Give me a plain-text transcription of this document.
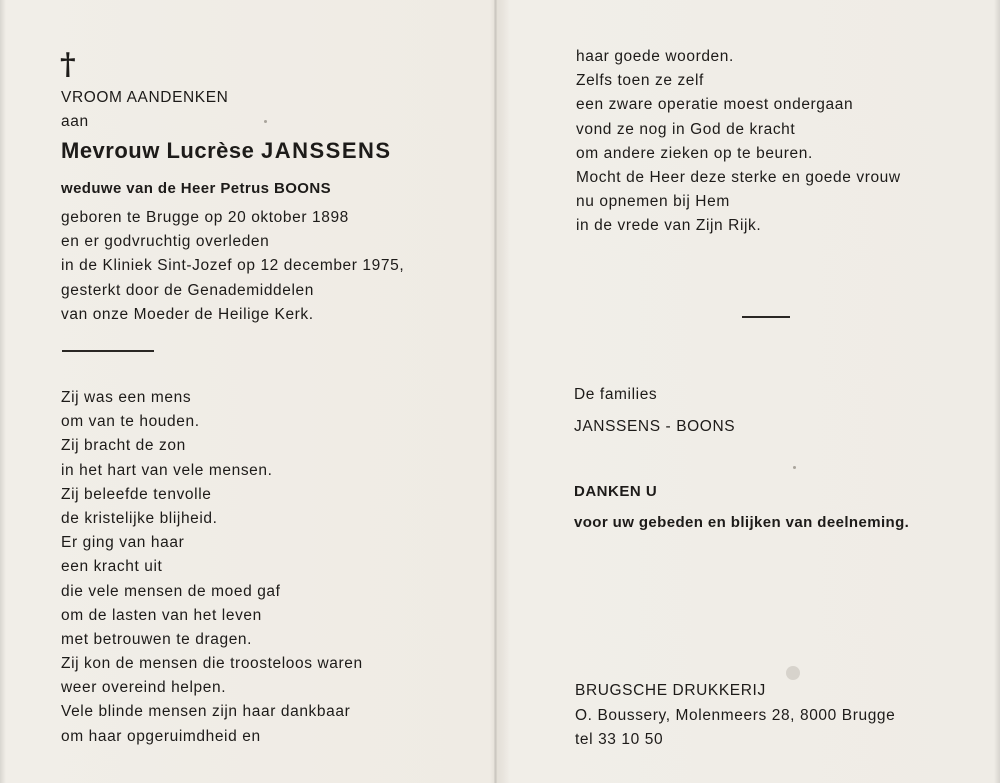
†
VROOM AANDENKEN
aan
Mevrouw Lucrèse JANSSENS
weduwe van de Heer Petrus BOONS
geboren te Brugge op 20 oktober 1898
en er godvruchtig overleden
in de Kliniek Sint-Jozef op 12 december 1975,
gesterkt door de Genademiddelen
van onze Moeder de Heilige Kerk.
Zij was een mens
om van te houden.
Zij bracht de zon
in het hart van vele mensen.
Zij beleefde tenvolle
de kristelijke blijheid.
Er ging van haar
een kracht uit
die vele mensen de moed gaf
om de lasten van het leven
met betrouwen te dragen.
Zij kon de mensen die troosteloos waren
weer overeind helpen.
Vele blinde mensen zijn haar dankbaar
om haar opgeruimdheid en
haar goede woorden.
Zelfs toen ze zelf
een zware operatie moest ondergaan
vond ze nog in God de kracht
om andere zieken op te beuren.
Mocht de Heer deze sterke en goede vrouw
nu opnemen bij Hem
in de vrede van Zijn Rijk.
De families
JANSSENS - BOONS
DANKEN U
voor uw gebeden en blijken van deelneming.
BRUGSCHE DRUKKERIJ
O. Boussery, Molenmeers 28, 8000 Brugge
tel 33 10 50
